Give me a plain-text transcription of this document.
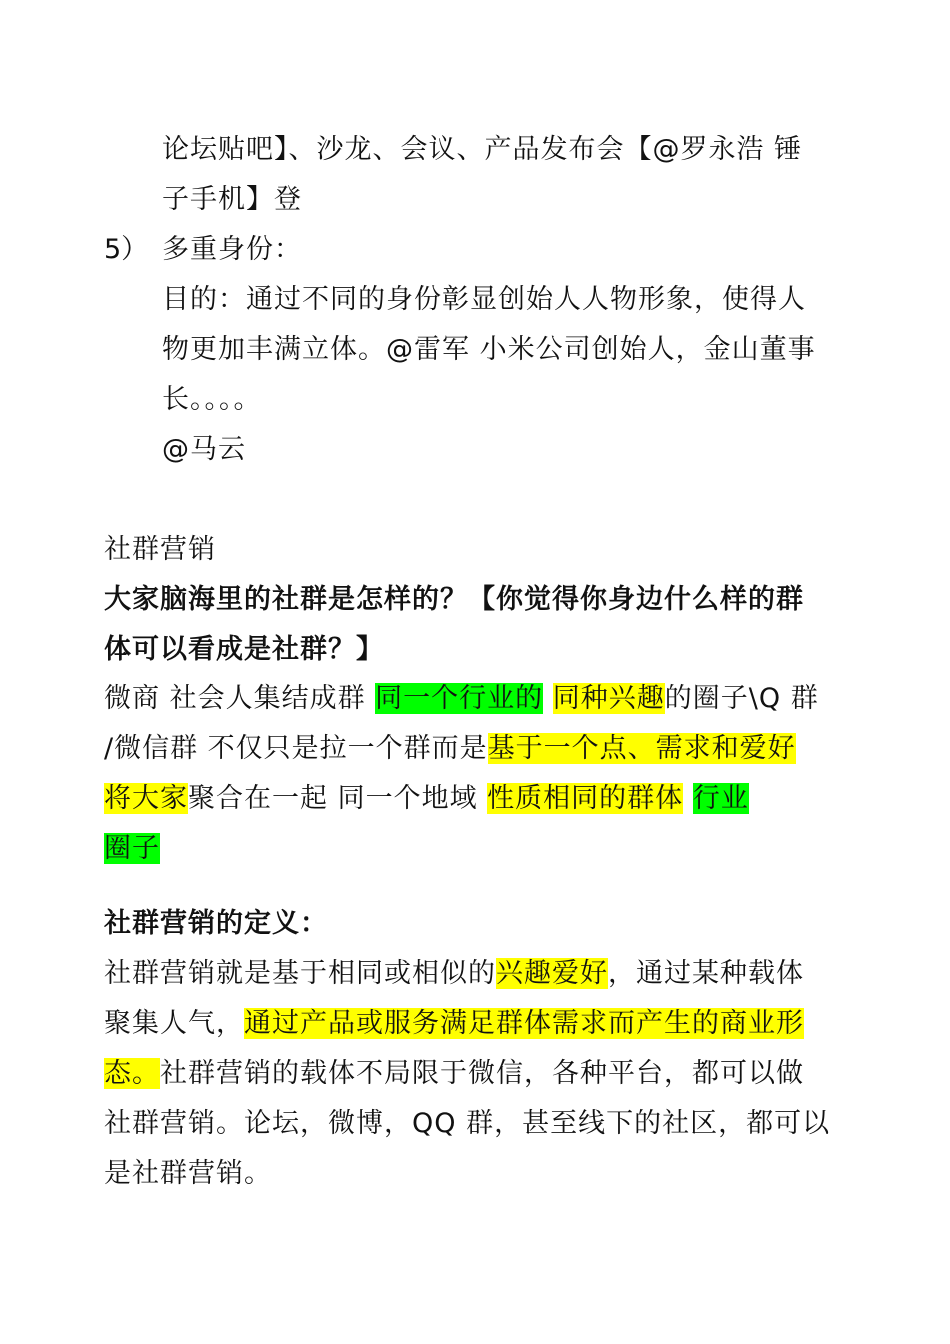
论坛贴吧】、沙龙、会议、产品发布会【@罗永浩 锤
子手机】登
5） 多重身份：
目的：通过不同的身份彰显创始人人物形象，使得人
物更加丰满立体。@雷军 小米公司创始人，金山董事
长。。。。
@马云
社群营销
大家脑海里的社群是怎样的？【你觉得你身边什么样的群
体可以看成是社群？】
微商 社会人集结成群 同一个行业的 同种兴趣的圈子\Q 群
/微信群 不仅只是拉一个群而是基于一个点、需求和爱好
将大家聚合在一起 同一个地域 性质相同的群体 行业
圈子
社群营销的定义：
社群营销就是基于相同或相似的兴趣爱好，通过某种载体
聚集人气，通过产品或服务满足群体需求而产生的商业形
态。社群营销的载体不局限于微信，各种平台，都可以做
社群营销。论坛，微博，QQ 群，甚至线下的社区，都可以
是社群营销。
